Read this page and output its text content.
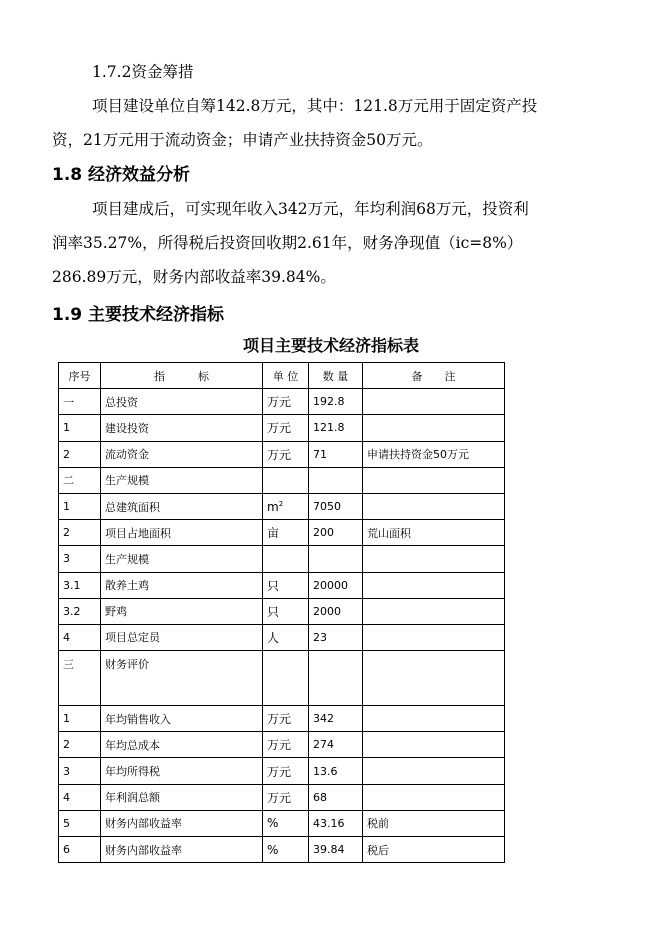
1.7.2资金筹措
项目建设单位自筹142.8万元，其中：121.8万元用于固定资产投
资，21万元用于流动资金；申请产业扶持资金50万元。
1.8 经济效益分析
项目建成后，可实现年收入342万元，年均利润68万元，投资利
润率35.27%，所得税后投资回收期2.61年，财务净现值（ic=8%）
286.89万元，财务内部收益率39.84%。
1.9 主要技术经济指标
项目主要技术经济指标表
序号	指　　　标	单 位	数 量	备　　注
一	总投资	万元	192.8	
1	建设投资	万元	121.8	
2	流动资金	万元	71	申请扶持资金50万元
二	生产规模			
1	总建筑面积	$m^2$	7050	
2	项目占地面积	亩	200	荒山面积
3	生产规模			
3.1	散养土鸡	只	20000	
3.2	野鸡	只	2000	
4	项目总定员	人	23	
三	财务评价			
1	年均销售收入	万元	342	
2	年均总成本	万元	274	
3	年均所得税	万元	13.6	
4	年利润总额	万元	68	
5	财务内部收益率	%	43.16	税前
6	财务内部收益率	%	39.84	税后
